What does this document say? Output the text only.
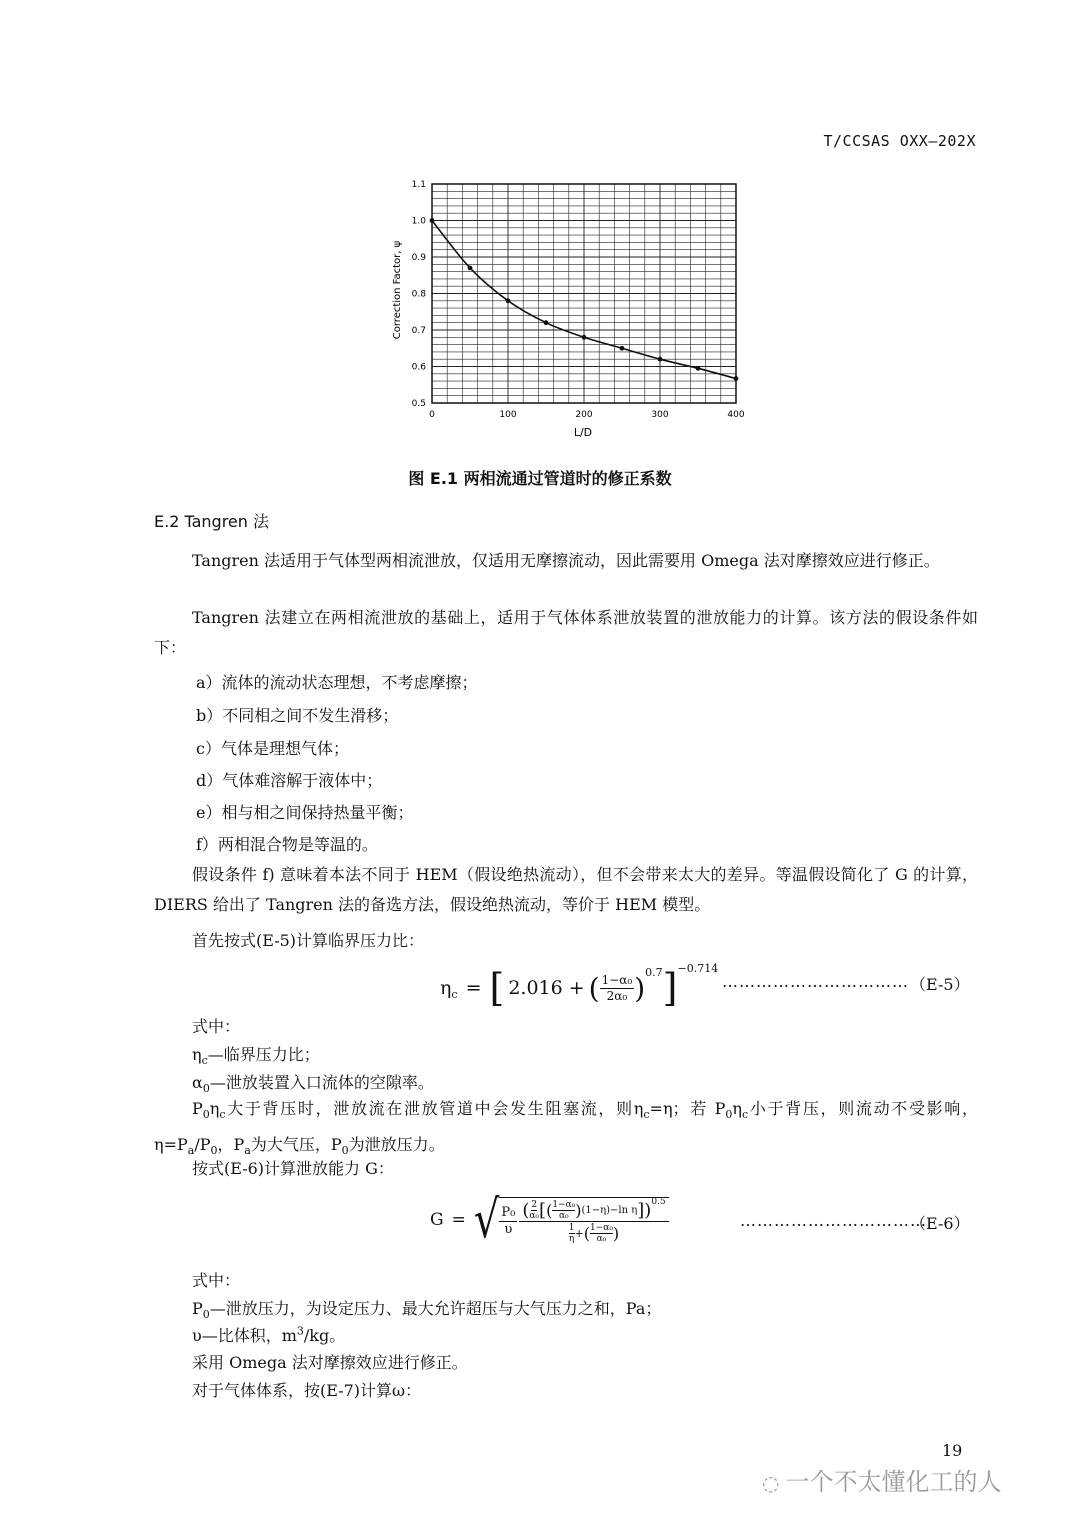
T/CCSAS OXX—202X
0.5
0.6
0.7
0.8
0.9
1.0
1.1
0	100	200	300	400
Correction Factor, ψ
L/D
图 E.1 两相流通过管道时的修正系数
E.2 Tangren 法
Tangren 法适用于气体型两相流泄放，仅适用无摩擦流动，因此需要用 Omega 法对摩擦效应进行修正。
Tangren 法建立在两相流泄放的基础上，适用于气体体系泄放装置的泄放能力的计算。该方法的假设条件如下：
a）流体的流动状态理想，不考虑摩擦；
b）不同相之间不发生滑移；
c）气体是理想气体；
d）气体难溶解于液体中；
e）相与相之间保持热量平衡；
f）两相混合物是等温的。
假设条件 f) 意味着本法不同于 HEM（假设绝热流动），但不会带来太大的差异。等温假设简化了 G 的计算，DIERS 给出了 Tangren 法的备选方法，假设绝热流动，等价于 HEM 模型。
首先按式(E-5)计算临界压力比：
$\eta_c$ = [ 2.016 + ( 1−α₀
2α₀ )$^{0.7}$ ]$^{-0.714}$
…………………………… （E-5）
式中：
$\eta_c—$临界压力比；
$\alpha_0—$泄放装置入口流体的空隙率。
$P_0\eta_c$大于背压时，泄放流在泄放管道中会发生阻塞流，则$\eta_c=\eta$；若 $P_0\eta_c$小于背压，则流动不受影响，$\eta=P_a/P_0$，$P_a$为大气压，$P_0$为泄放压力。
按式(E-6)计算泄放能力 G：
G = √ P₀
υ
( 2
α₀ [ ( 1−α₀
α₀ ) (1−η)−ln η ] )$^{0.5}$
1
η + ( 1−α₀
α₀ )
……………………………
（E-6）
式中：
$P_0—$泄放压力，为设定压力、最大允许超压与大气压力之和，Pa；
υ—比体积，$m^3/kg$。
采用 Omega 法对摩擦效应进行修正。
对于气体体系，按(E-7)计算ω：
19
◌ 一个不太懂化工的人
